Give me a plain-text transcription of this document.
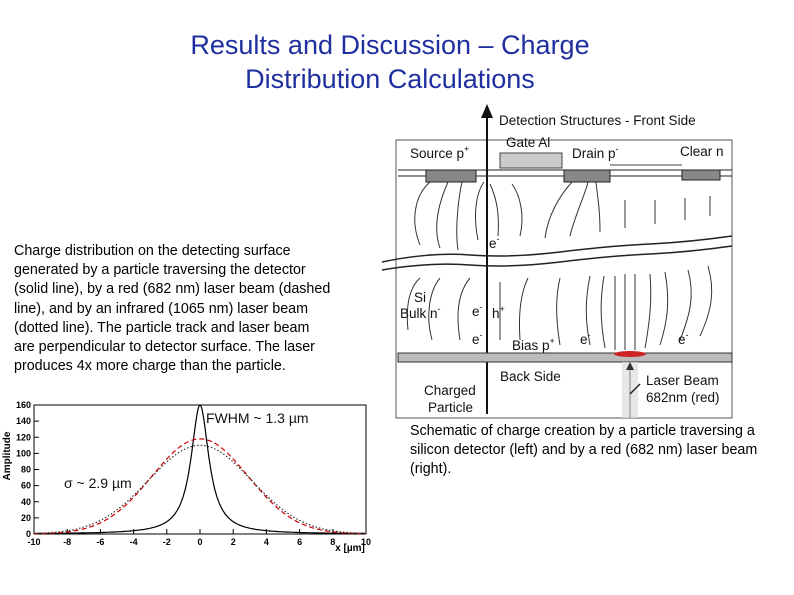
Results and Discussion – Charge
Distribution Calculations
Detection Structures - Front Side
Gate Al
Source p+	Drain p-	Clear n
e-
Si
Bulk n- e- h+
e-
Bias p+ e-	e-
Back Side
Charged
Particle
Laser Beam
682nm (red)
Charge distribution on the detecting surface generated by a particle traversing the detector (solid line), by a red (682 nm) laser beam (dashed line), and by an infrared (1065 nm) laser beam (dotted line). The particle track and laser beam are perpendicular to detector surface. The laser produces 4x more charge than the particle.
Amplitude
x [µm]
FWHM ~ 1.3 µm
σ ~ 2.9 µm
-10	-8	-6	-4	-2	0	2	4	6	8	10
0
20
40
60
80
100
120
140
160
Schematic of charge creation by a particle traversing a silicon detector (left) and by a red (682 nm) laser beam (right).
